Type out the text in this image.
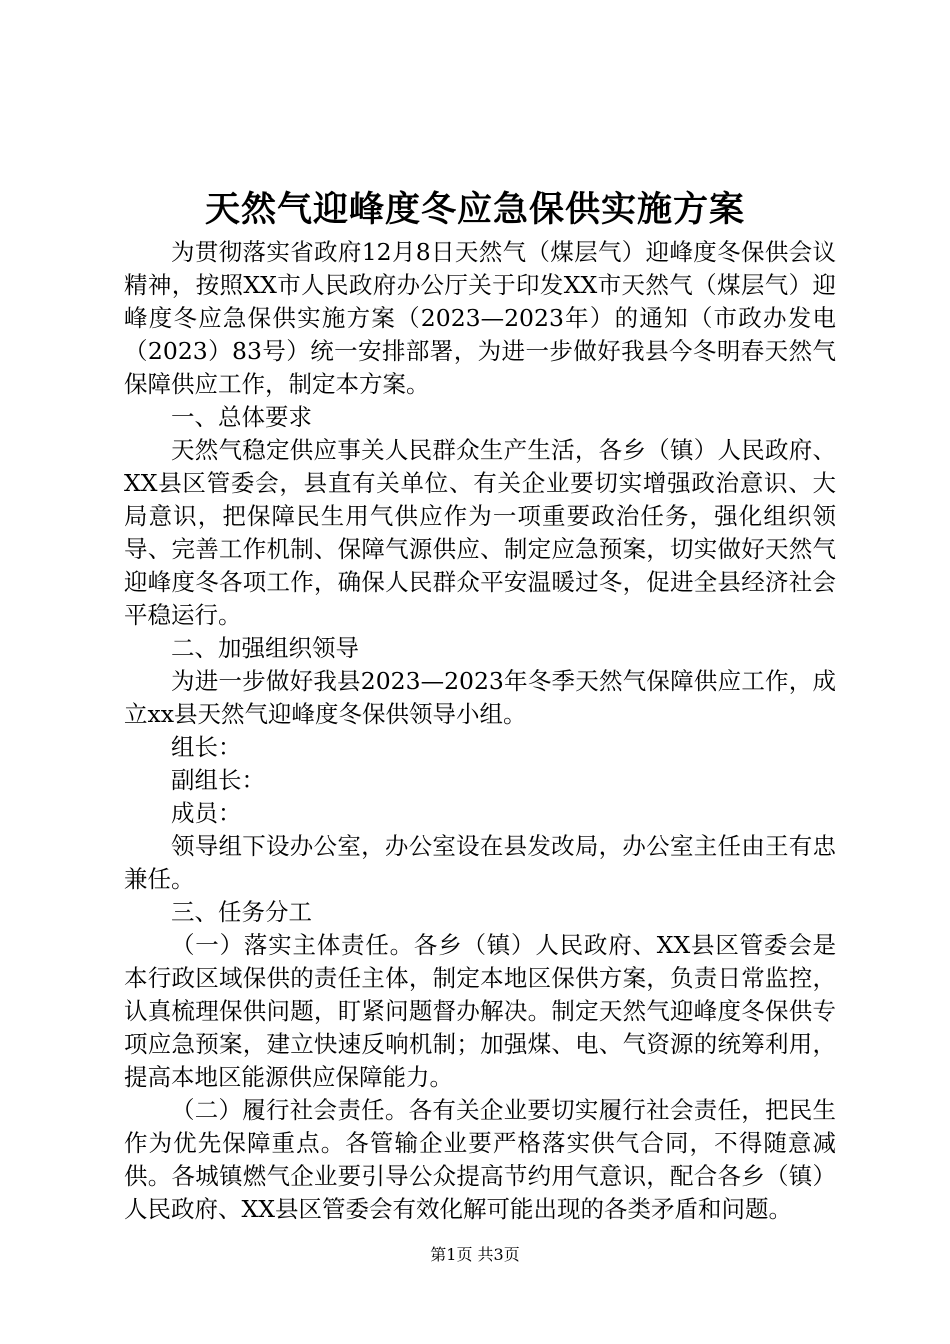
天然气迎峰度冬应急保供实施方案

为贯彻落实省政府12月8日天然气（煤层气）迎峰度冬保供会议精神，按照XX市人民政府办公厅关于印发XX市天然气（煤层气）迎峰度冬应急保供实施方案（2023—2023年）的通知（市政办发电（2023）83号）统一安排部署，为进一步做好我县今冬明春天然气保障供应工作，制定本方案。

一、总体要求

天然气稳定供应事关人民群众生产生活，各乡（镇）人民政府、XX县区管委会，县直有关单位、有关企业要切实增强政治意识、大局意识，把保障民生用气供应作为一项重要政治任务，强化组织领导、完善工作机制、保障气源供应、制定应急预案，切实做好天然气迎峰度冬各项工作，确保人民群众平安温暖过冬，促进全县经济社会平稳运行。

二、加强组织领导

为进一步做好我县2023—2023年冬季天然气保障供应工作，成立xx县天然气迎峰度冬保供领导小组。

组长：

副组长：

成员：

领导组下设办公室，办公室设在县发改局，办公室主任由王有忠兼任。

三、任务分工

（一）落实主体责任。各乡（镇）人民政府、XX县区管委会是本行政区域保供的责任主体，制定本地区保供方案，负责日常监控，认真梳理保供问题，盯紧问题督办解决。制定天然气迎峰度冬保供专项应急预案，建立快速反响机制；加强煤、电、气资源的统筹利用，提高本地区能源供应保障能力。

（二）履行社会责任。各有关企业要切实履行社会责任，把民生作为优先保障重点。各管输企业要严格落实供气合同，不得随意减供。各城镇燃气企业要引导公众提高节约用气意识，配合各乡（镇）人民政府、XX县区管委会有效化解可能出现的各类矛盾和问题。

第1页 共3页
